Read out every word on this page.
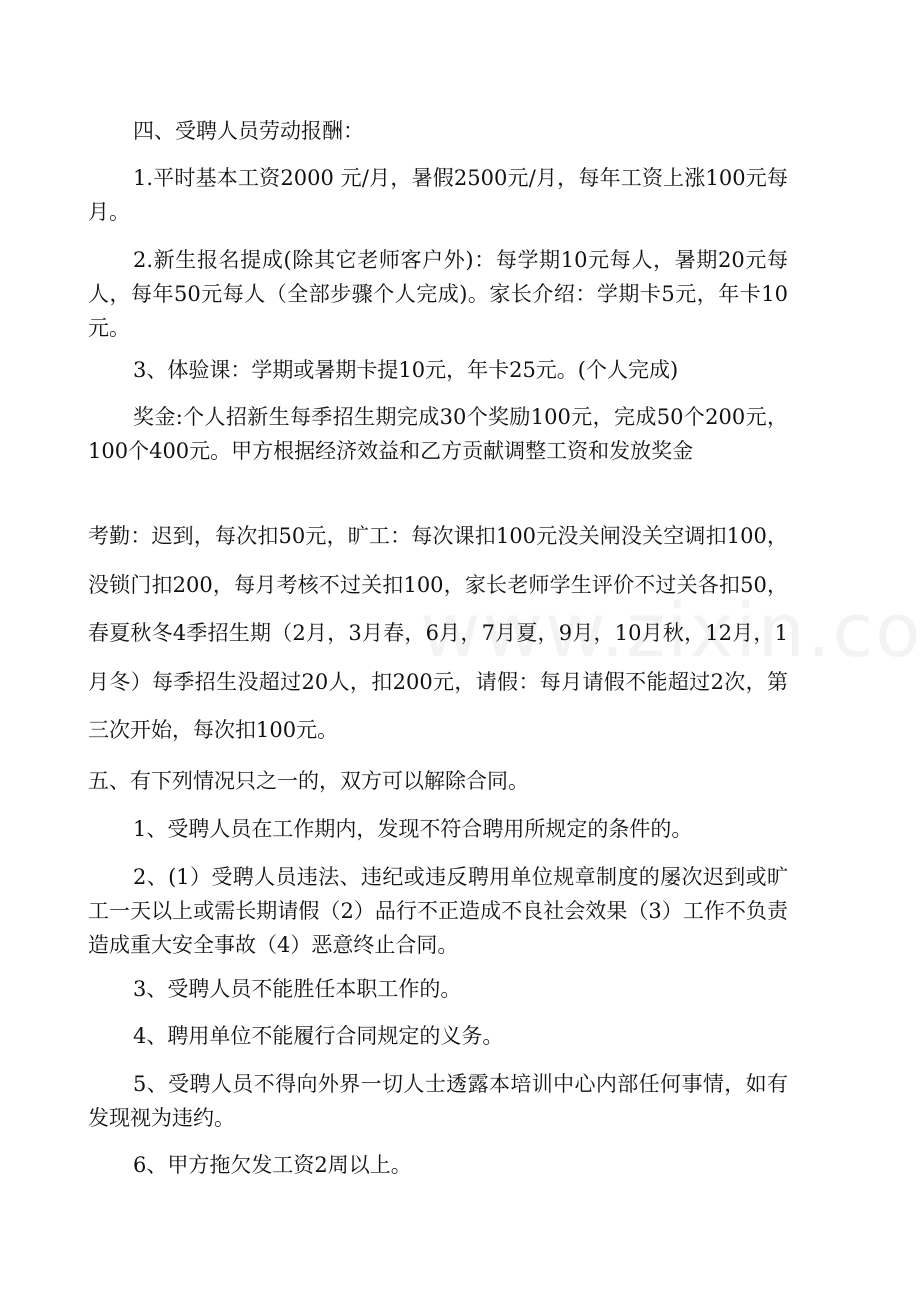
四、受聘人员劳动报酬：

1.平时基本工资2000 元/月，暑假2500元/月，每年工资上涨100元每月。

2.新生报名提成(除其它老师客户外)：每学期10元每人，暑期20元每人，每年50元每人（全部步骤个人完成)。家长介绍：学期卡5元，年卡10元。

3、体验课：学期或暑期卡提10元，年卡25元。(个人完成)

奖金:个人招新生每季招生期完成30个奖励100元，完成50个200元，100个400元。甲方根据经济效益和乙方贡献调整工资和发放奖金

考勤：迟到，每次扣50元，旷工：每次课扣100元没关闸没关空调扣100，没锁门扣200，每月考核不过关扣100，家长老师学生评价不过关各扣50，春夏秋冬4季招生期（2月，3月春，6月，7月夏，9月，10月秋，12月，1月冬）每季招生没超过20人，扣200元，请假：每月请假不能超过2次，第三次开始，每次扣100元。

五、有下列情况只之一的，双方可以解除合同。

1、受聘人员在工作期内，发现不符合聘用所规定的条件的。

2、(1）受聘人员违法、违纪或违反聘用单位规章制度的屡次迟到或旷工一天以上或需长期请假（2）品行不正造成不良社会效果（3）工作不负责造成重大安全事故（4）恶意终止合同。

3、受聘人员不能胜任本职工作的。

4、聘用单位不能履行合同规定的义务。

5、受聘人员不得向外界一切人士透露本培训中心内部任何事情，如有发现视为违约。

6、甲方拖欠发工资2周以上。
